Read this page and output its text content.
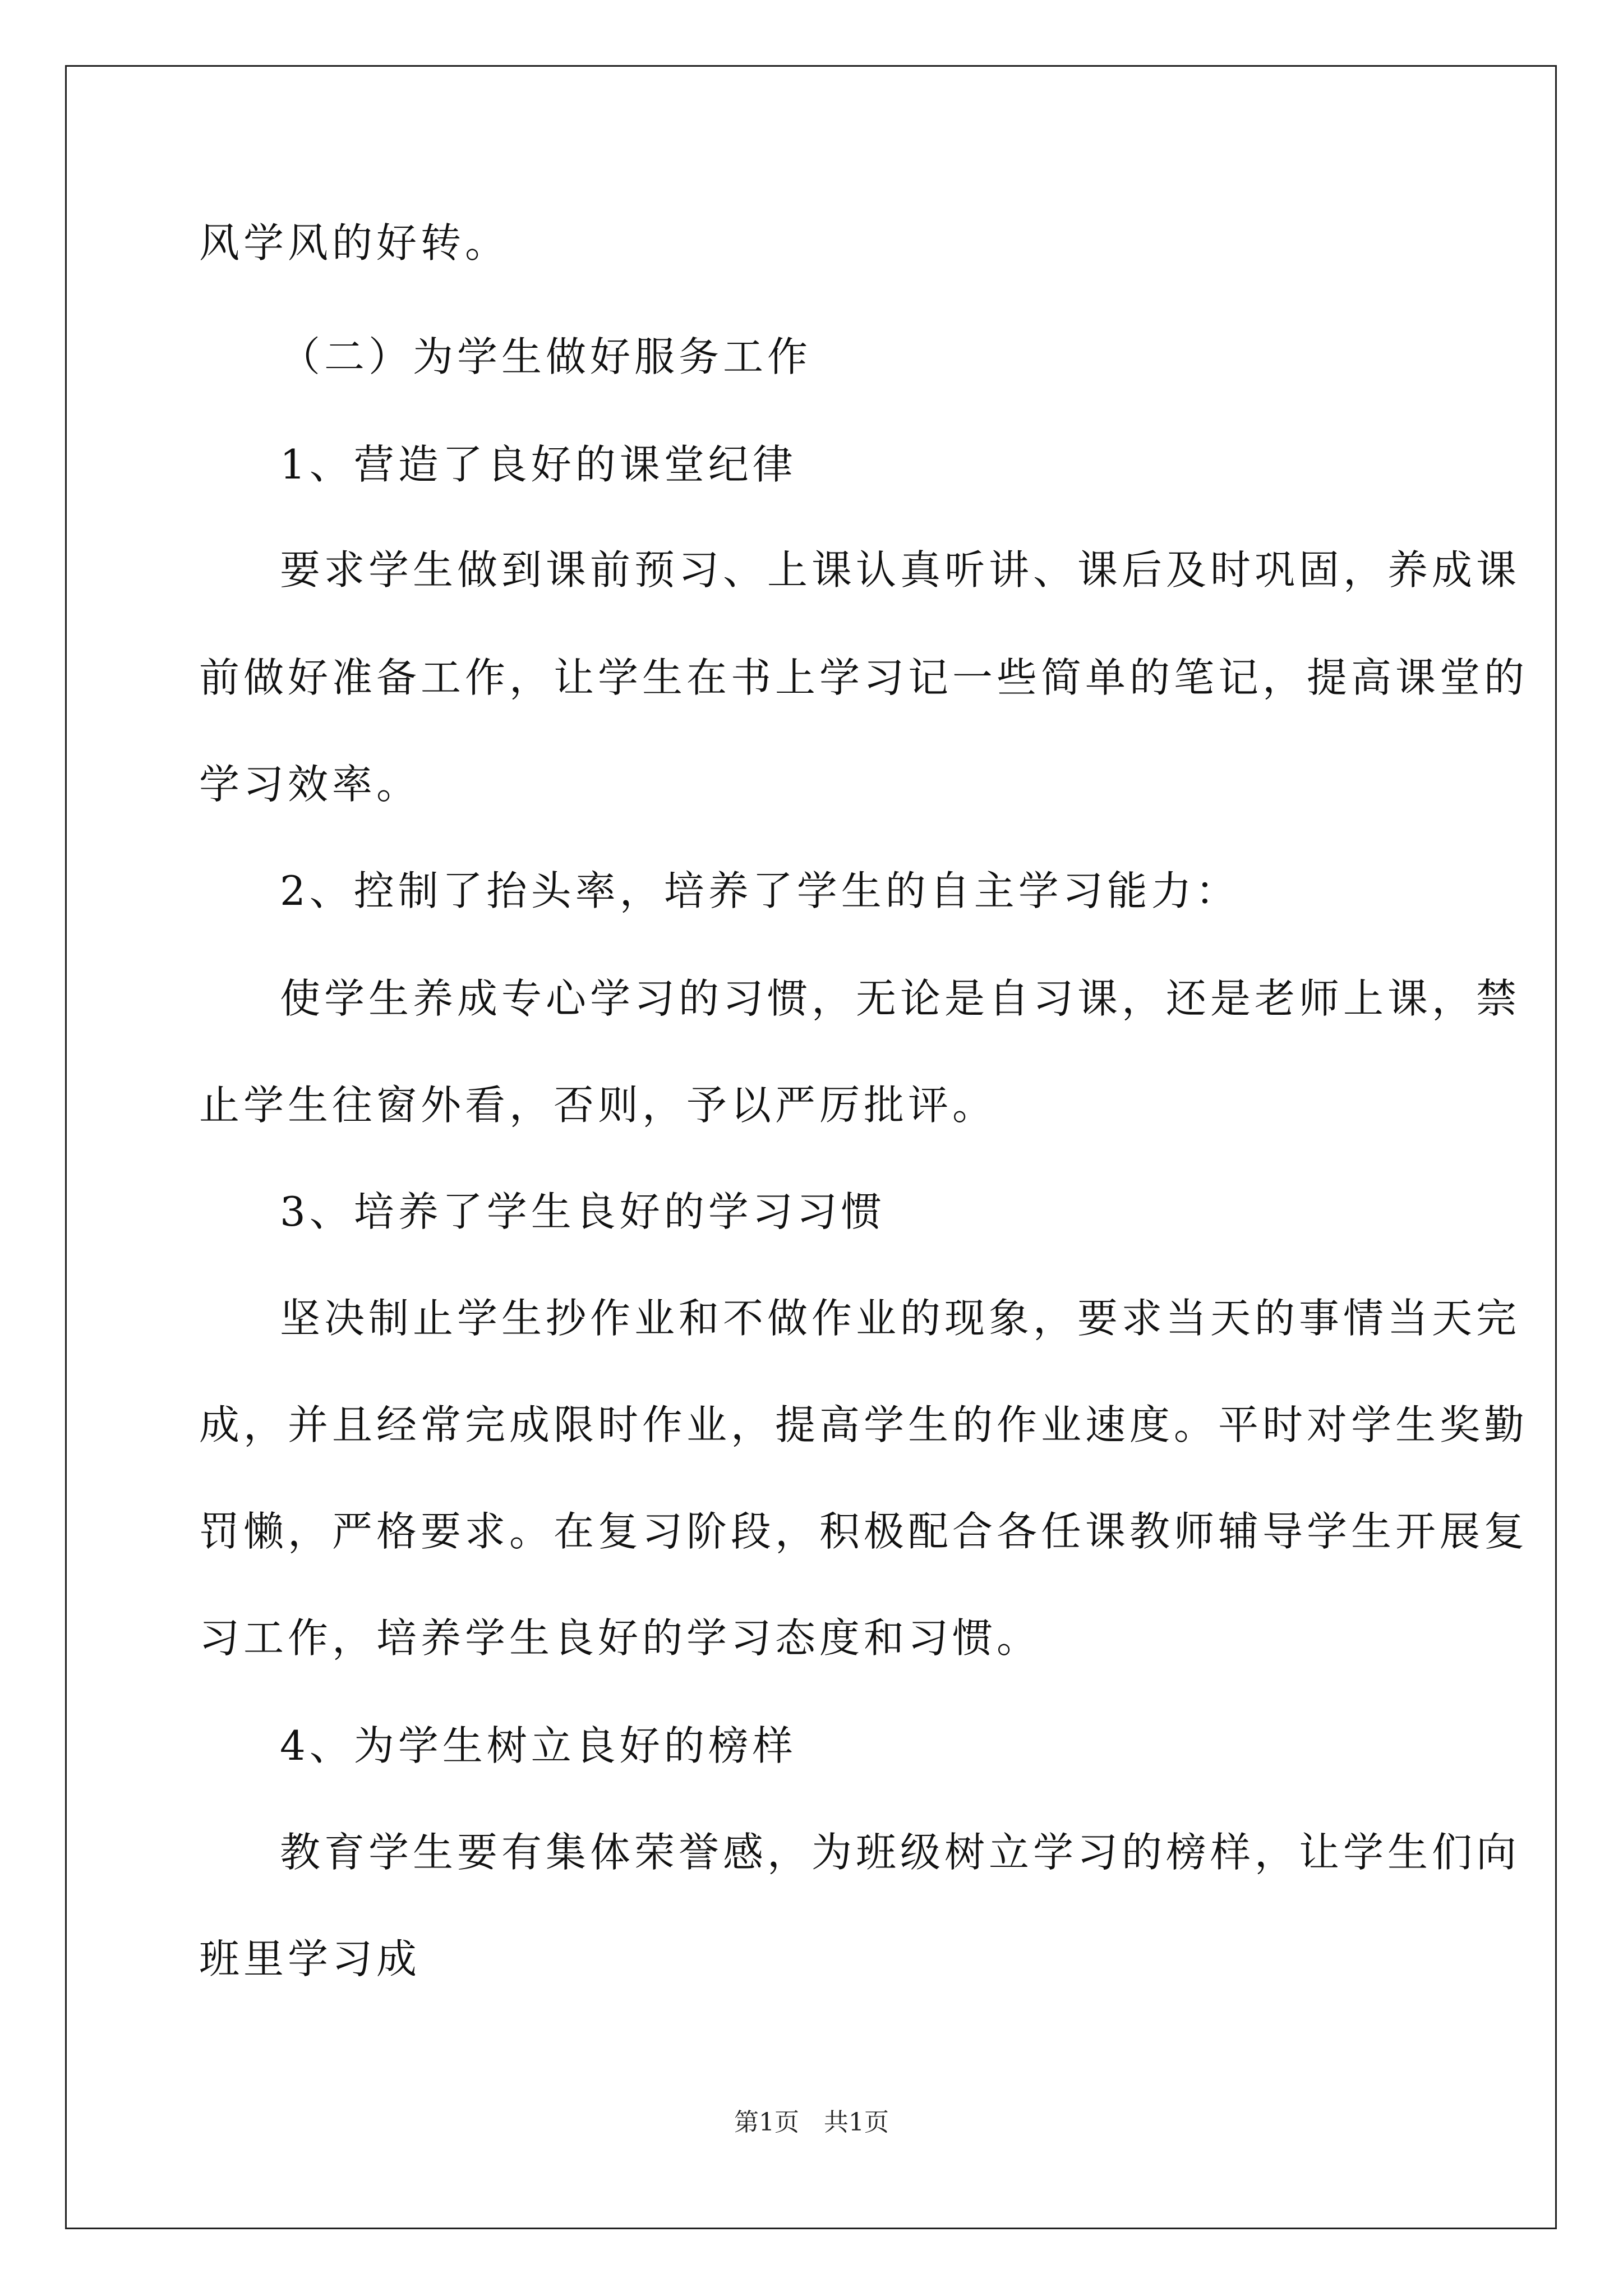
风学风的好转。
（二）为学生做好服务工作
1、营造了良好的课堂纪律
要求学生做到课前预习、上课认真听讲、课后及时巩固，养成课
前做好准备工作，让学生在书上学习记一些简单的笔记，提高课堂的
学习效率。
2、控制了抬头率，培养了学生的自主学习能力：
使学生养成专心学习的习惯，无论是自习课，还是老师上课，禁
止学生往窗外看，否则，予以严厉批评。
3、培养了学生良好的学习习惯
坚决制止学生抄作业和不做作业的现象，要求当天的事情当天完
成，并且经常完成限时作业，提高学生的作业速度。平时对学生奖勤
罚懒，严格要求。在复习阶段，积极配合各任课教师辅导学生开展复
习工作，培养学生良好的学习态度和习惯。
4、为学生树立良好的榜样
教育学生要有集体荣誉感，为班级树立学习的榜样，让学生们向
班里学习成
第1页　共1页
